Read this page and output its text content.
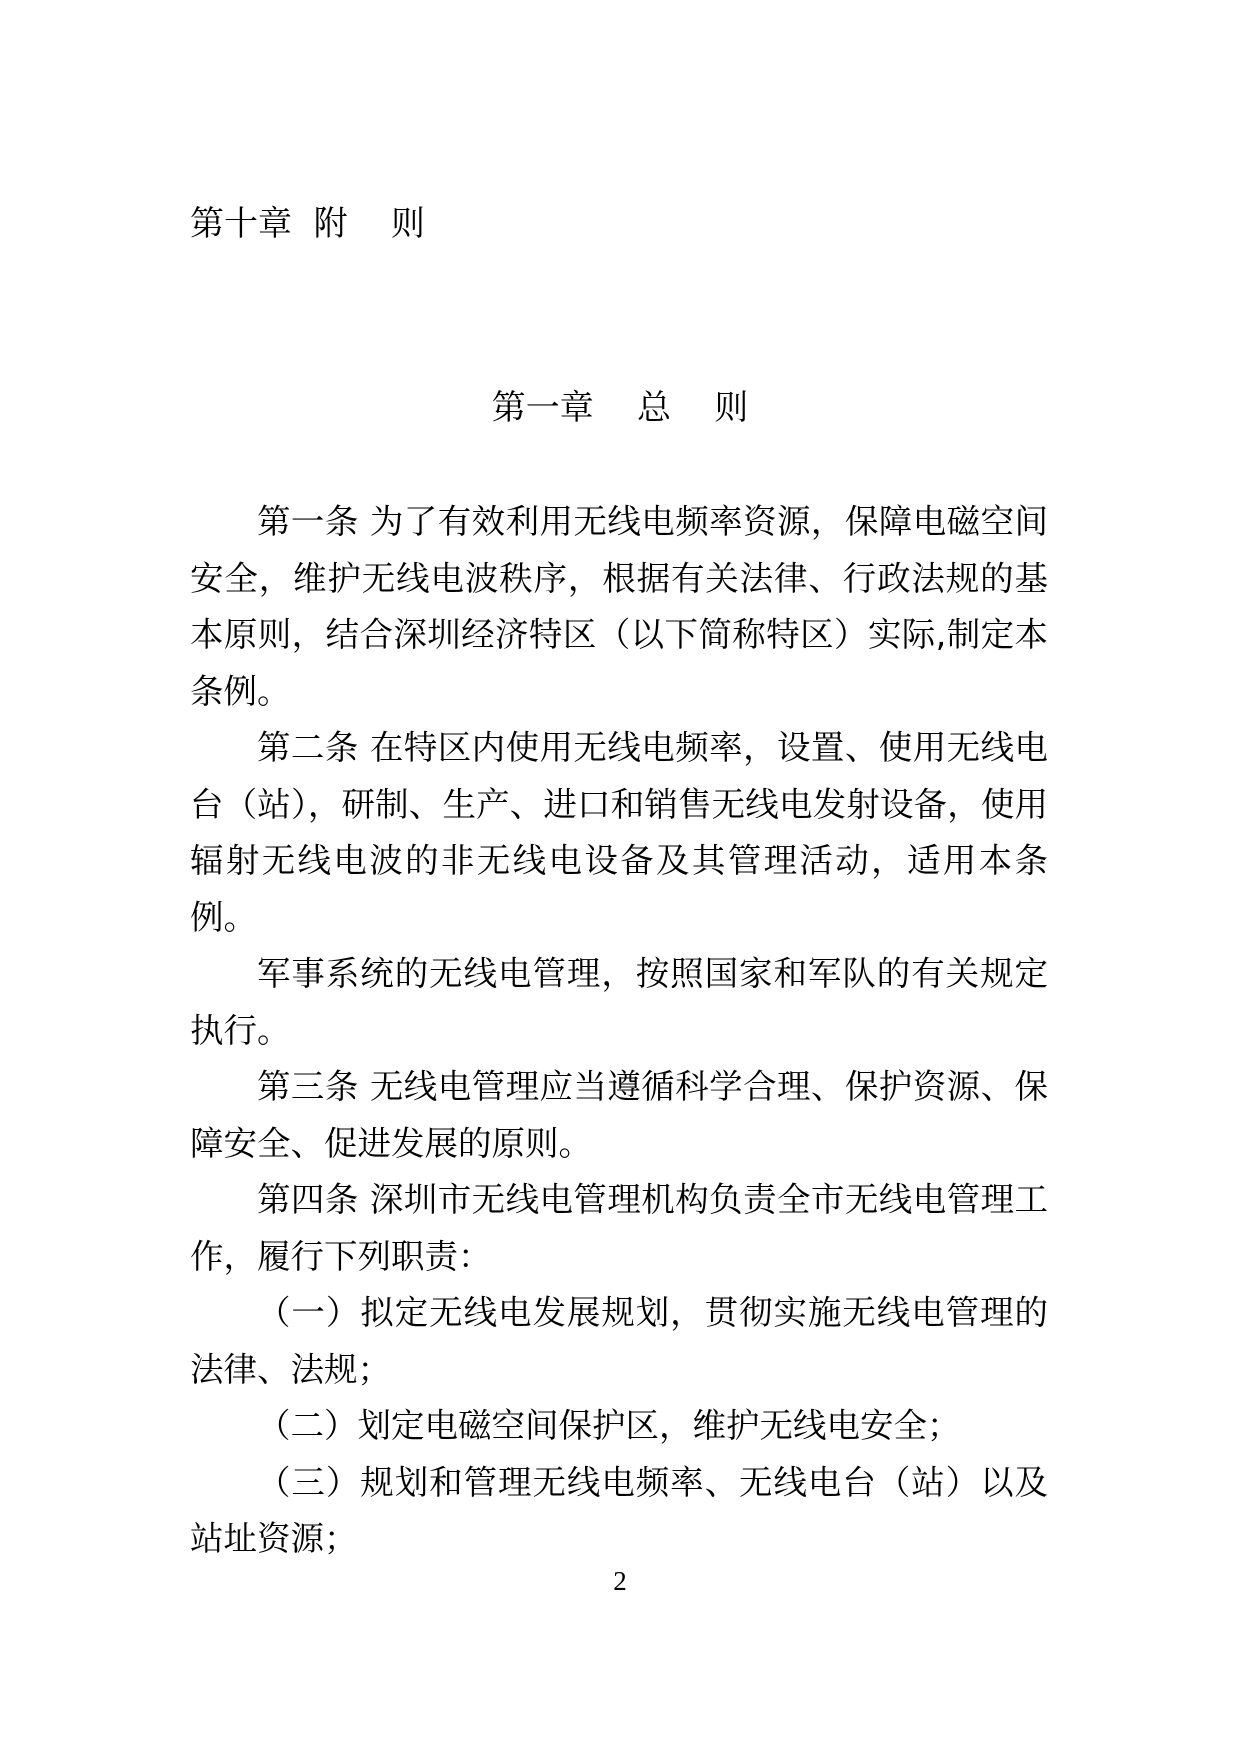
第十章  附    则
第一章    总    则

第一条 为了有效利用无线电频率资源，保障电磁空间安全，维护无线电波秩序，根据有关法律、行政法规的基本原则，结合深圳经济特区（以下简称特区）实际,制定本条例。

第二条 在特区内使用无线电频率，设置、使用无线电台（站），研制、生产、进口和销售无线电发射设备，使用辐射无线电波的非无线电设备及其管理活动，适用本条例。

军事系统的无线电管理，按照国家和军队的有关规定执行。

第三条 无线电管理应当遵循科学合理、保护资源、保障安全、促进发展的原则。

第四条 深圳市无线电管理机构负责全市无线电管理工作，履行下列职责：

（一）拟定无线电发展规划，贯彻实施无线电管理的法律、法规；

（二）划定电磁空间保护区，维护无线电安全；

（三）规划和管理无线电频率、无线电台（站）以及站址资源；

2
